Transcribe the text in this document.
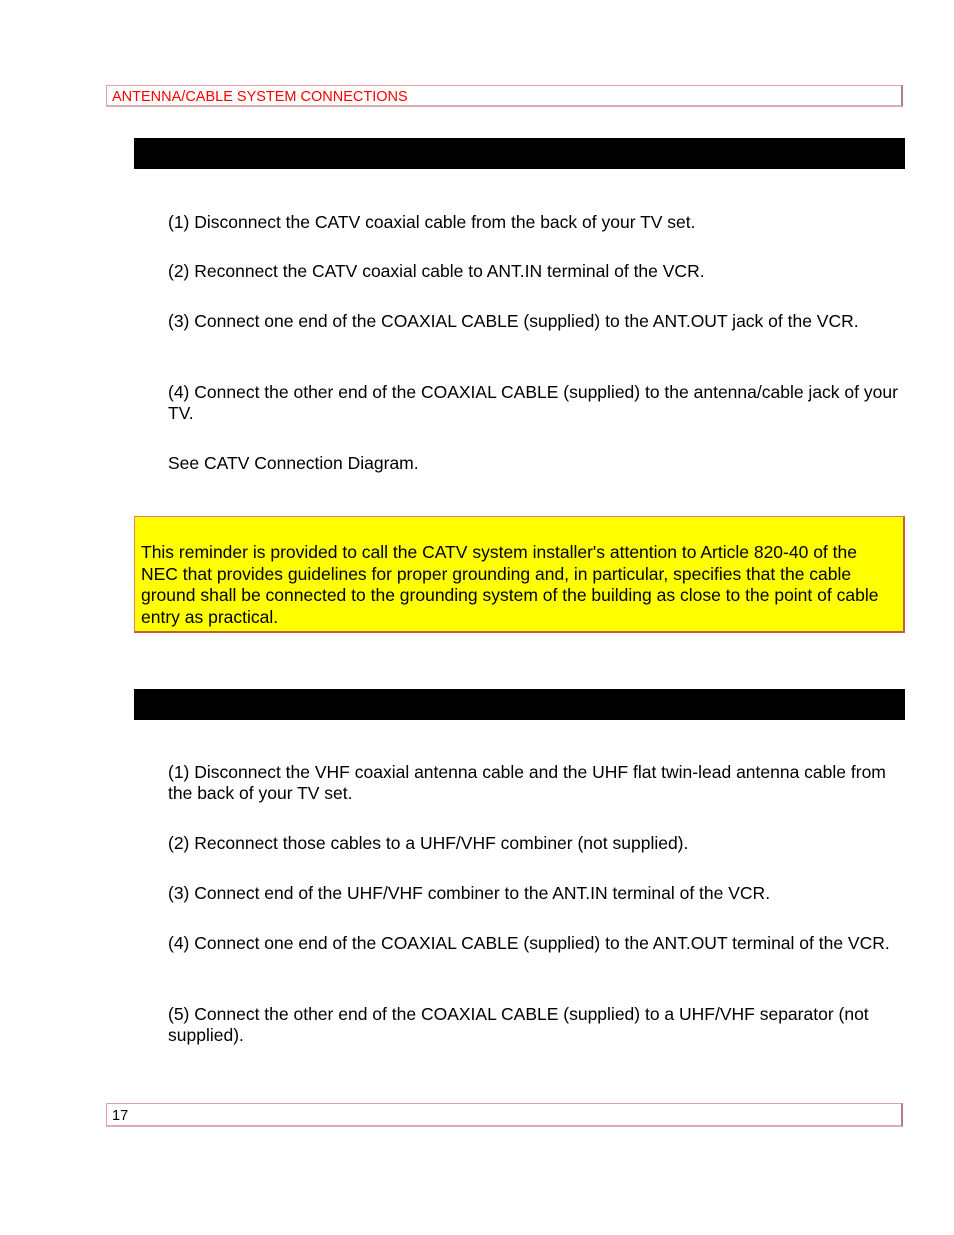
ANTENNA/CABLE SYSTEM CONNECTIONS

(1) Disconnect the CATV coaxial cable from the back of your TV set.

(2) Reconnect the CATV coaxial cable to ANT.IN terminal of the VCR.

(3) Connect one end of the COAXIAL CABLE (supplied) to the ANT.OUT jack of the VCR.

(4) Connect the other end of the COAXIAL CABLE (supplied) to the antenna/cable jack of your TV.

See CATV Connection Diagram.

This reminder is provided to call the CATV system installer's attention to Article 820-40 of the NEC that provides guidelines for proper grounding and, in particular, specifies that the cable ground shall be connected to the grounding system of the building as close to the point of cable entry as practical.

(1) Disconnect the VHF coaxial antenna cable and the UHF flat twin-lead antenna cable from the back of your TV set.

(2) Reconnect those cables to a UHF/VHF combiner (not supplied).

(3) Connect end of the UHF/VHF combiner to the ANT.IN terminal of the VCR.

(4) Connect one end of the COAXIAL CABLE (supplied) to the ANT.OUT terminal of the VCR.

(5) Connect the other end of the COAXIAL CABLE (supplied) to a UHF/VHF separator (not supplied).

17
